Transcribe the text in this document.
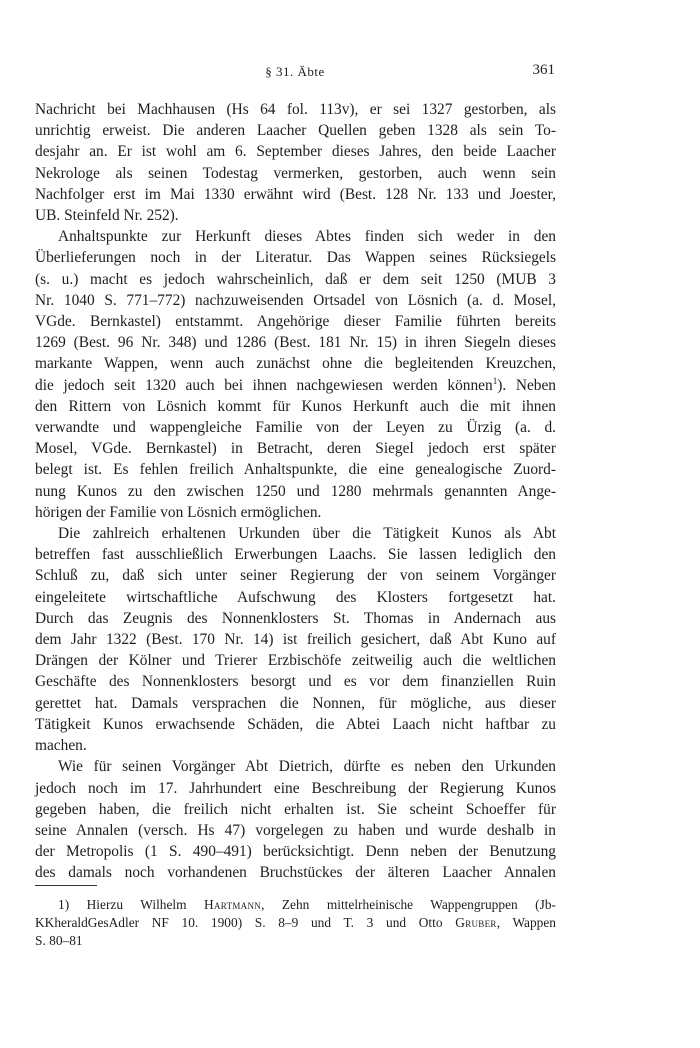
§ 31. Äbte	361

Nachricht bei Machhausen (Hs 64 fol. 113v), er sei 1327 gestorben, als
unrichtig erweist. Die anderen Laacher Quellen geben 1328 als sein To-
desjahr an. Er ist wohl am 6. September dieses Jahres, den beide Laacher
Nekrologe als seinen Todestag vermerken, gestorben, auch wenn sein
Nachfolger erst im Mai 1330 erwähnt wird (Best. 128 Nr. 133 und Joester,
UB. Steinfeld Nr. 252).

Anhaltspunkte zur Herkunft dieses Abtes finden sich weder in den
Überlieferungen noch in der Literatur. Das Wappen seines Rücksiegels
(s. u.) macht es jedoch wahrscheinlich, daß er dem seit 1250 (MUB 3
Nr. 1040 S. 771–772) nachzuweisenden Ortsadel von Lösnich (a. d. Mosel,
VGde. Bernkastel) entstammt. Angehörige dieser Familie führten bereits
1269 (Best. 96 Nr. 348) und 1286 (Best. 181 Nr. 15) in ihren Siegeln dieses
markante Wappen, wenn auch zunächst ohne die begleitenden Kreuzchen,
die jedoch seit 1320 auch bei ihnen nachgewiesen werden können$^1$). Neben
den Rittern von Lösnich kommt für Kunos Herkunft auch die mit ihnen
verwandte und wappengleiche Familie von der Leyen zu Ürzig (a. d.
Mosel, VGde. Bernkastel) in Betracht, deren Siegel jedoch erst später
belegt ist. Es fehlen freilich Anhaltspunkte, die eine genealogische Zuord-
nung Kunos zu den zwischen 1250 und 1280 mehrmals genannten Ange-
hörigen der Familie von Lösnich ermöglichen.

Die zahlreich erhaltenen Urkunden über die Tätigkeit Kunos als Abt
betreffen fast ausschließlich Erwerbungen Laachs. Sie lassen lediglich den
Schluß zu, daß sich unter seiner Regierung der von seinem Vorgänger
eingeleitete wirtschaftliche Aufschwung des Klosters fortgesetzt hat.
Durch das Zeugnis des Nonnenklosters St. Thomas in Andernach aus
dem Jahr 1322 (Best. 170 Nr. 14) ist freilich gesichert, daß Abt Kuno auf
Drängen der Kölner und Trierer Erzbischöfe zeitweilig auch die weltlichen
Geschäfte des Nonnenklosters besorgt und es vor dem finanziellen Ruin
gerettet hat. Damals versprachen die Nonnen, für mögliche, aus dieser
Tätigkeit Kunos erwachsende Schäden, die Abtei Laach nicht haftbar zu
machen.

Wie für seinen Vorgänger Abt Dietrich, dürfte es neben den Urkunden
jedoch noch im 17. Jahrhundert eine Beschreibung der Regierung Kunos
gegeben haben, die freilich nicht erhalten ist. Sie scheint Schoeffer für
seine Annalen (versch. Hs 47) vorgelegen zu haben und wurde deshalb in
der Metropolis (1 S. 490–491) berücksichtigt. Denn neben der Benutzung
des damals noch vorhandenen Bruchstückes der älteren Laacher Annalen

1) Hierzu Wilhelm Hartmann, Zehn mittelrheinische Wappengruppen (Jb-
KKheraldGesAdler NF 10. 1900) S. 8–9 und T. 3 und Otto Gruber, Wappen
S. 80–81
